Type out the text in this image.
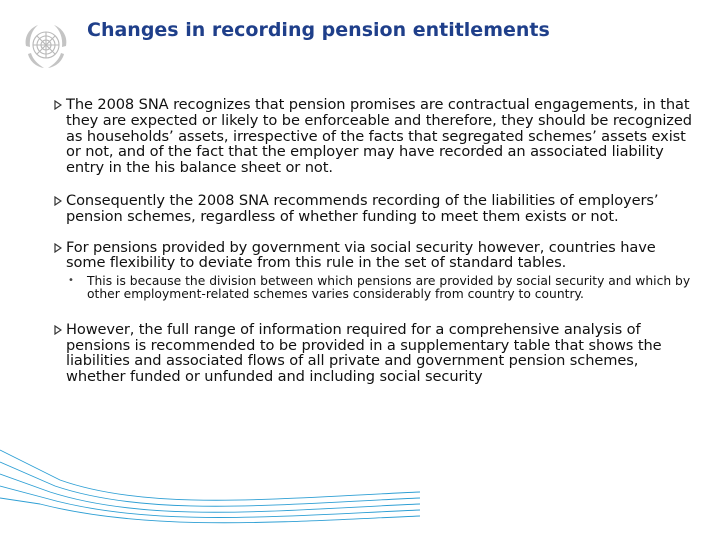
Changes in recording pension entitlements
The 2008 SNA recognizes that pension promises are contractual engagements, in that they are expected or likely to be enforceable and therefore, they should be recognized as households’ assets, irrespective of the facts that segregated schemes’ assets exist or not, and of the fact that the employer may have recorded an associated liability entry in the his balance sheet or not.
Consequently the 2008 SNA recommends recording of the liabilities of employers’ pension schemes, regardless of whether funding to meet them exists or not.
For pensions provided by government via social security however, countries have some flexibility to deviate from this rule in the set of standard tables.
• This is because the division between which pensions are provided by social security and which by other employment-related schemes varies considerably from country to country.
However, the full range of information required for a comprehensive analysis of pensions is recommended to be provided in a supplementary table that shows the liabilities and associated flows of all private and government pension schemes, whether funded or unfunded and including social security
